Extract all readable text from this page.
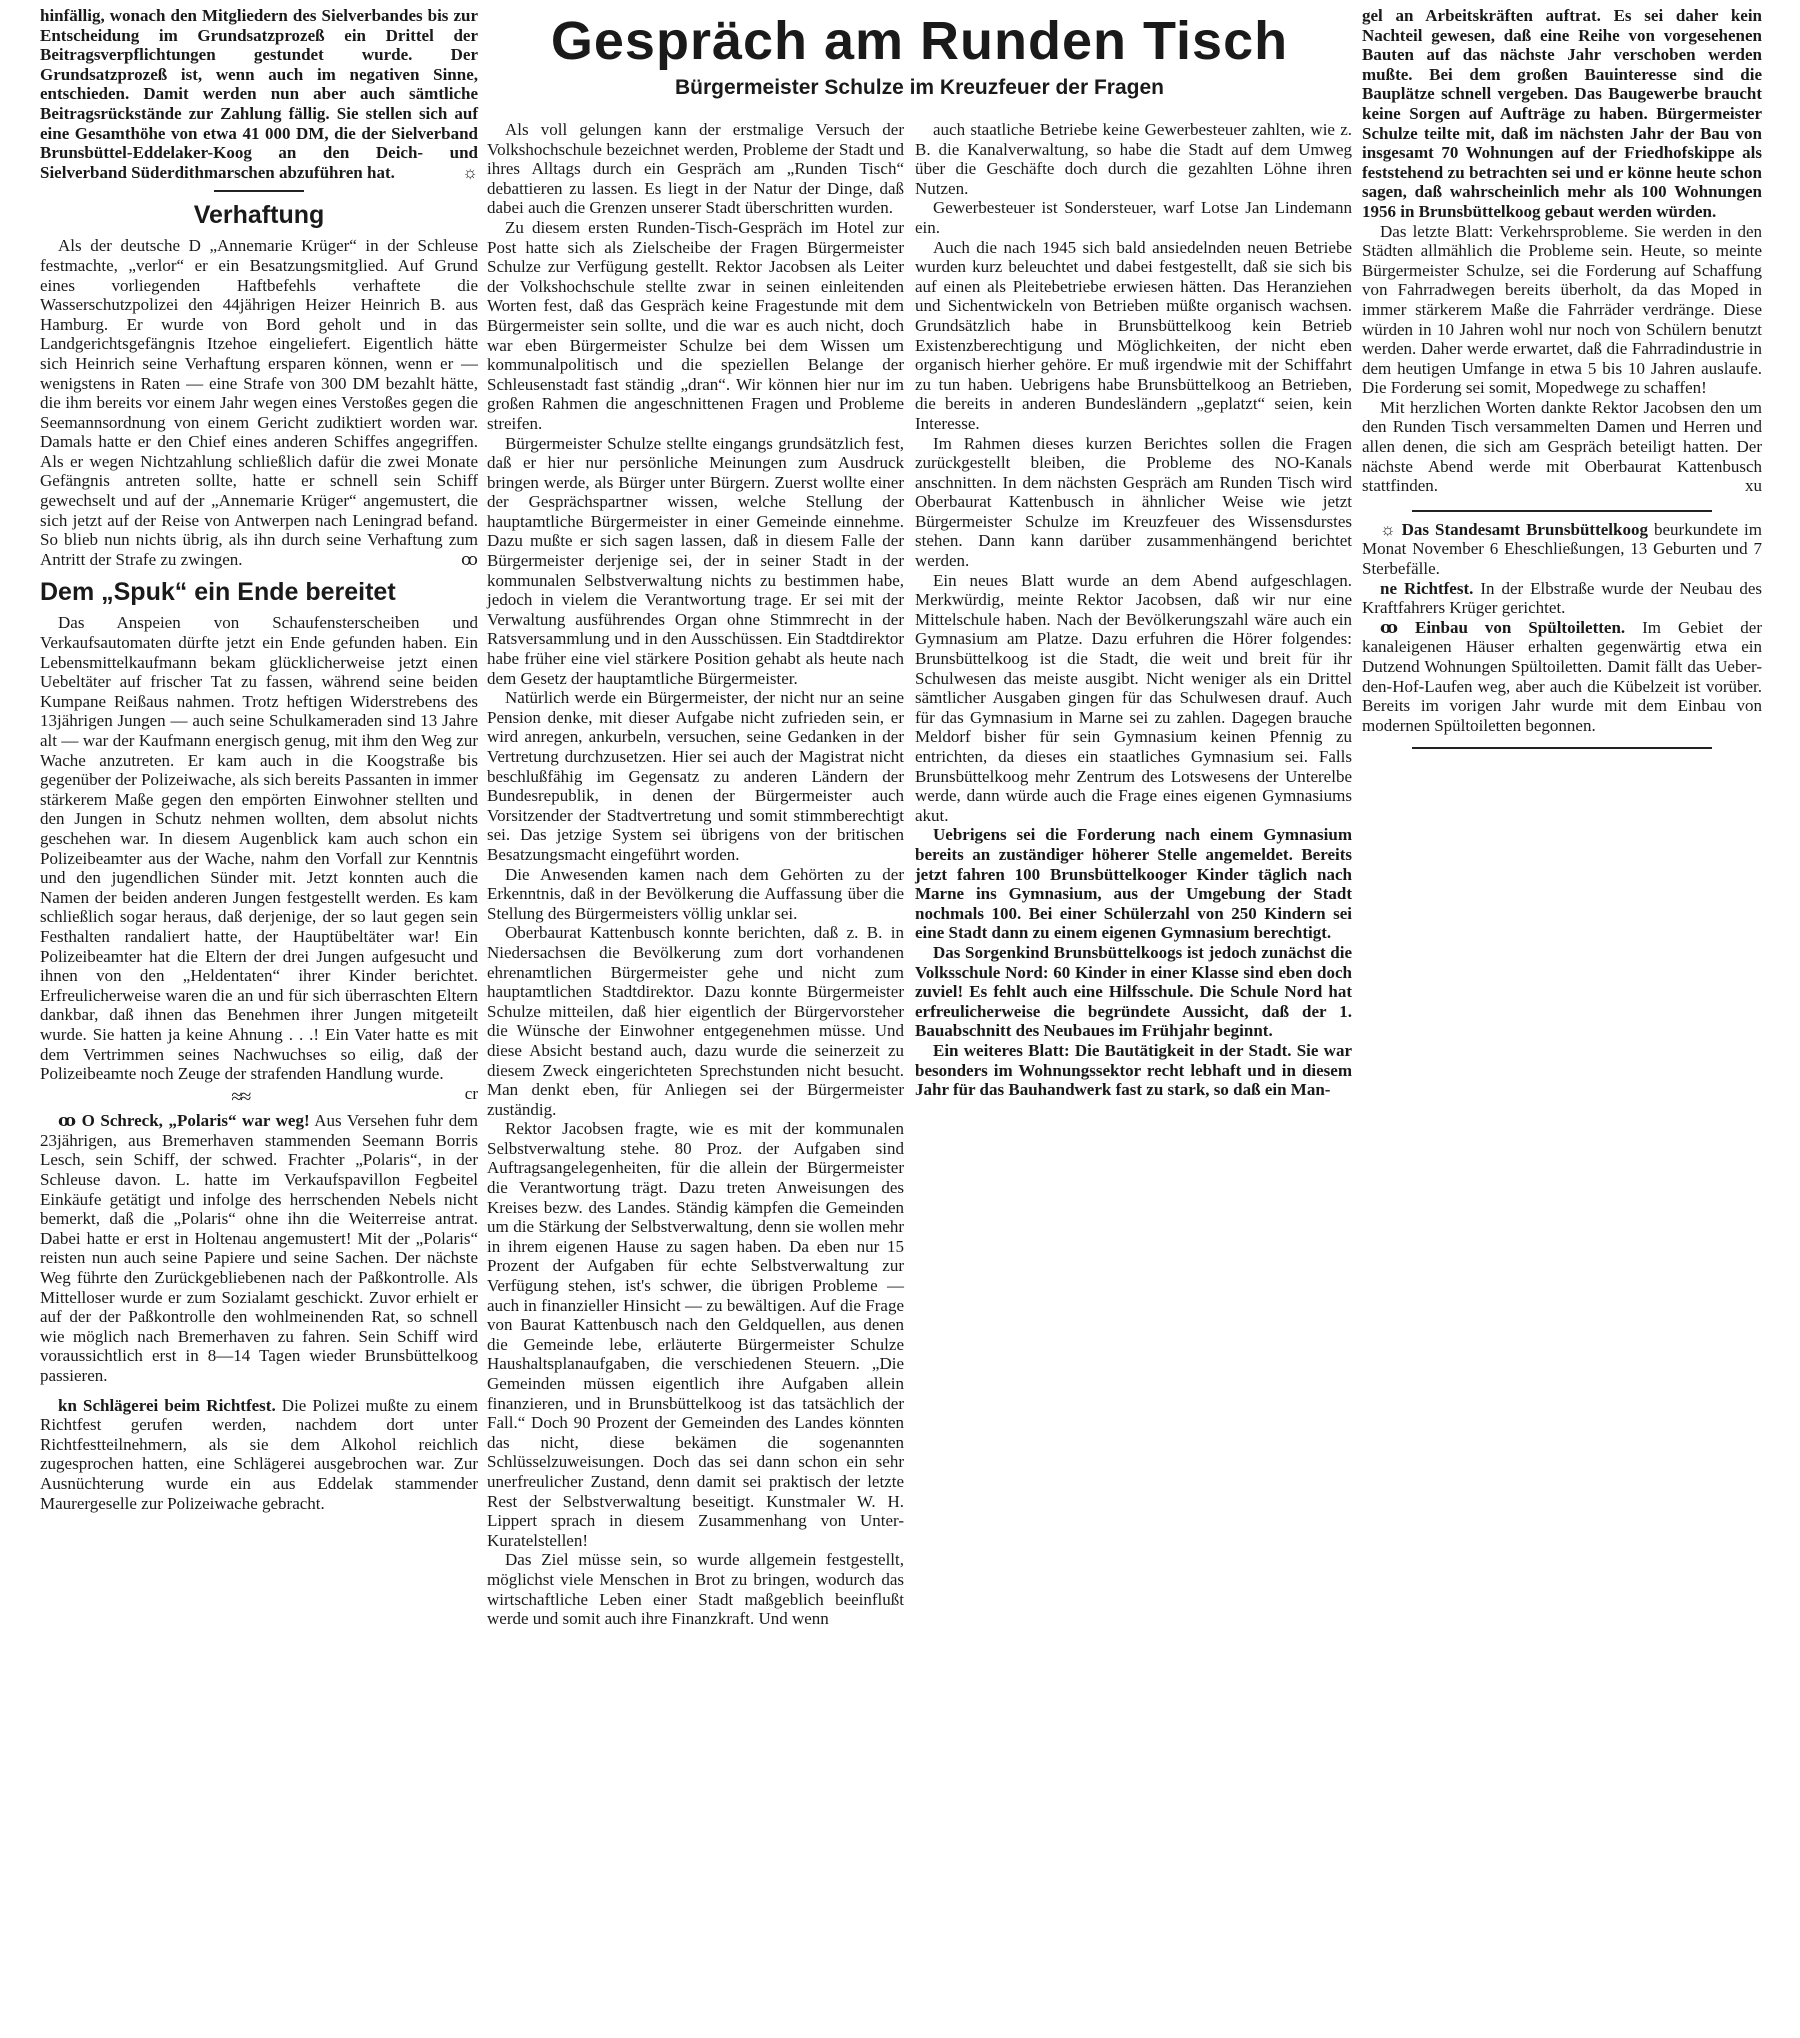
Gespräch am Runden Tisch
Bürgermeister Schulze im Kreuzfeuer der Fragen

hinfällig, wonach den Mitgliedern des Sielverbandes bis zur Entscheidung im Grundsatzprozeß ein Drittel der Beitragsverpflichtungen gestundet wurde. Der Grundsatzprozeß ist, wenn auch im negativen Sinne, entschieden. Damit werden nun aber auch sämtliche Beitragsrückstände zur Zahlung fällig. Sie stellen sich auf eine Gesamthöhe von etwa 41 000 DM, die der Sielverband Brunsbüttel-Eddelaker-Koog an den Deich- und Sielverband Süderdithmarschen abzuführen hat.	☼

Verhaftung

Als der deutsche D „Annemarie Krüger“ in der Schleuse festmachte, „verlor“ er ein Besatzungsmitglied. Auf Grund eines vorliegenden Haftbefehls verhaftete die Wasserschutzpolizei den 44jährigen Heizer Heinrich B. aus Hamburg. Er wurde von Bord geholt und in das Landgerichtsgefängnis Itzehoe eingeliefert. Eigentlich hätte sich Heinrich seine Verhaftung ersparen können, wenn er — wenigstens in Raten — eine Strafe von 300 DM bezahlt hätte, die ihm bereits vor einem Jahr wegen eines Verstoßes gegen die Seemannsordnung von einem Gericht zudiktiert worden war. Damals hatte er den Chief eines anderen Schiffes angegriffen. Als er wegen Nichtzahlung schließlich dafür die zwei Monate Gefängnis antreten sollte, hatte er schnell sein Schiff gewechselt und auf der „Annemarie Krüger“ angemustert, die sich jetzt auf der Reise von Antwerpen nach Leningrad befand. So blieb nun nichts übrig, als ihn durch seine Verhaftung zum Antritt der Strafe zu zwingen.	ꝏ

Dem „Spuk“ ein Ende bereitet

Das Anspeien von Schaufensterscheiben und Verkaufsautomaten dürfte jetzt ein Ende gefunden haben. Ein Lebensmittelkaufmann bekam glücklicherweise jetzt einen Uebeltäter auf frischer Tat zu fassen, während seine beiden Kumpane Reißaus nahmen. Trotz heftigen Widerstrebens des 13jährigen Jungen — auch seine Schulkameraden sind 13 Jahre alt — war der Kaufmann energisch genug, mit ihm den Weg zur Wache anzutreten. Er kam auch in die Koogstraße bis gegenüber der Polizeiwache, als sich bereits Passanten in immer stärkerem Maße gegen den empörten Einwohner stellten und den Jungen in Schutz nehmen wollten, dem absolut nichts geschehen war. In diesem Augenblick kam auch schon ein Polizeibeamter aus der Wache, nahm den Vorfall zur Kenntnis und den jugendlichen Sünder mit. Jetzt konnten auch die Namen der beiden anderen Jungen festgestellt werden. Es kam schließlich sogar heraus, daß derjenige, der so laut gegen sein Festhalten randaliert hatte, der Hauptübeltäter war! Ein Polizeibeamter hat die Eltern der drei Jungen aufgesucht und ihnen von den „Heldentaten“ ihrer Kinder berichtet. Erfreulicherweise waren die an und für sich überraschten Eltern dankbar, daß ihnen das Benehmen ihrer Jungen mitgeteilt wurde. Sie hatten ja keine Ahnung . . .! Ein Vater hatte es mit dem Vertrimmen seines Nachwuchses so eilig, daß der Polizeibeamte noch Zeuge der strafenden Handlung wurde.
cr

≈≈

ꝏ O Schreck, „Polaris“ war weg! Aus Versehen fuhr dem 23jährigen, aus Bremerhaven stammenden Seemann Borris Lesch, sein Schiff, der schwed. Frachter „Polaris“, in der Schleuse davon. L. hatte im Verkaufspavillon Fegbeitel Einkäufe getätigt und infolge des herrschenden Nebels nicht bemerkt, daß die „Polaris“ ohne ihn die Weiterreise antrat. Dabei hatte er erst in Holtenau angemustert! Mit der „Polaris“ reisten nun auch seine Papiere und seine Sachen. Der nächste Weg führte den Zurückgebliebenen nach der Paßkontrolle. Als Mittelloser wurde er zum Sozialamt geschickt. Zuvor erhielt er auf der der Paßkontrolle den wohlmeinenden Rat, so schnell wie möglich nach Bremerhaven zu fahren. Sein Schiff wird voraussichtlich erst in 8—14 Tagen wieder Brunsbüttelkoog passieren.

kn Schlägerei beim Richtfest. Die Polizei mußte zu einem Richtfest gerufen werden, nachdem dort unter Richtfestteilnehmern, als sie dem Alkohol reichlich zugesprochen hatten, eine Schlägerei ausgebrochen war. Zur Ausnüchterung wurde ein aus Eddelak stammender Maurergeselle zur Polizeiwache gebracht.

Als voll gelungen kann der erstmalige Versuch der Volkshochschule bezeichnet werden, Probleme der Stadt und ihres Alltags durch ein Gespräch am „Runden Tisch“ debattieren zu lassen. Es liegt in der Natur der Dinge, daß dabei auch die Grenzen unserer Stadt überschritten wurden.

Zu diesem ersten Runden-Tisch-Gespräch im Hotel zur Post hatte sich als Zielscheibe der Fragen Bürgermeister Schulze zur Verfügung gestellt. Rektor Jacobsen als Leiter der Volkshochschule stellte zwar in seinen einleitenden Worten fest, daß das Gespräch keine Fragestunde mit dem Bürgermeister sein sollte, und die war es auch nicht, doch war eben Bürgermeister Schulze bei dem Wissen um kommunalpolitisch und die speziellen Belange der Schleusenstadt fast ständig „dran“. Wir können hier nur im großen Rahmen die angeschnittenen Fragen und Probleme streifen.

Bürgermeister Schulze stellte eingangs grundsätzlich fest, daß er hier nur persönliche Meinungen zum Ausdruck bringen werde, als Bürger unter Bürgern. Zuerst wollte einer der Gesprächspartner wissen, welche Stellung der hauptamtliche Bürgermeister in einer Gemeinde einnehme. Dazu mußte er sich sagen lassen, daß in diesem Falle der Bürgermeister derjenige sei, der in seiner Stadt in der kommunalen Selbstverwaltung nichts zu bestimmen habe, jedoch in vielem die Verantwortung trage. Er sei mit der Verwaltung ausführendes Organ ohne Stimmrecht in der Ratsversammlung und in den Ausschüssen. Ein Stadtdirektor habe früher eine viel stärkere Position gehabt als heute nach dem Gesetz der hauptamtliche Bürgermeister.

Natürlich werde ein Bürgermeister, der nicht nur an seine Pension denke, mit dieser Aufgabe nicht zufrieden sein, er wird anregen, ankurbeln, versuchen, seine Gedanken in der Vertretung durchzusetzen. Hier sei auch der Magistrat nicht beschlußfähig im Gegensatz zu anderen Ländern der Bundesrepublik, in denen der Bürgermeister auch Vorsitzender der Stadtvertretung und somit stimmberechtigt sei. Das jetzige System sei übrigens von der britischen Besatzungsmacht eingeführt worden.

Die Anwesenden kamen nach dem Gehörten zu der Erkenntnis, daß in der Bevölkerung die Auffassung über die Stellung des Bürgermeisters völlig unklar sei.

Oberbaurat Kattenbusch konnte berichten, daß z. B. in Niedersachsen die Bevölkerung zum dort vorhandenen ehrenamtlichen Bürgermeister gehe und nicht zum hauptamtlichen Stadtdirektor. Dazu konnte Bürgermeister Schulze mitteilen, daß hier eigentlich der Bürgervorsteher die Wünsche der Einwohner entgegenehmen müsse. Und diese Absicht bestand auch, dazu wurde die seinerzeit zu diesem Zweck eingerichteten Sprechstunden nicht besucht. Man denkt eben, für Anliegen sei der Bürgermeister zuständig.

Rektor Jacobsen fragte, wie es mit der kommunalen Selbstverwaltung stehe. 80 Proz. der Aufgaben sind Auftragsangelegenheiten, für die allein der Bürgermeister die Verantwortung trägt. Dazu treten Anweisungen des Kreises bezw. des Landes. Ständig kämpfen die Gemeinden um die Stärkung der Selbstverwaltung, denn sie wollen mehr in ihrem eigenen Hause zu sagen haben. Da eben nur 15 Prozent der Aufgaben für echte Selbstverwaltung zur Verfügung stehen, ist's schwer, die übrigen Probleme — auch in finanzieller Hinsicht — zu bewältigen. Auf die Frage von Baurat Kattenbusch nach den Geldquellen, aus denen die Gemeinde lebe, erläuterte Bürgermeister Schulze Haushaltsplanaufgaben, die verschiedenen Steuern. „Die Gemeinden müssen eigentlich ihre Aufgaben allein finanzieren, und in Brunsbüttelkoog ist das tatsächlich der Fall.“ Doch 90 Prozent der Gemeinden des Landes könnten das nicht, diese bekämen die sogenannten Schlüsselzuweisungen. Doch das sei dann schon ein sehr unerfreulicher Zustand, denn damit sei praktisch der letzte Rest der Selbstverwaltung beseitigt. Kunstmaler W. H. Lippert sprach in diesem Zusammenhang von Unter-Kuratelstellen!

Das Ziel müsse sein, so wurde allgemein festgestellt, möglichst viele Menschen in Brot zu bringen, wodurch das wirtschaftliche Leben einer Stadt maßgeblich beeinflußt werde und somit auch ihre Finanzkraft. Und wenn

auch staatliche Betriebe keine Gewerbesteuer zahlten, wie z. B. die Kanalverwaltung, so habe die Stadt auf dem Umweg über die Geschäfte doch durch die gezahlten Löhne ihren Nutzen.

Gewerbesteuer ist Sondersteuer, warf Lotse Jan Lindemann ein.

Auch die nach 1945 sich bald ansiedelnden neuen Betriebe wurden kurz beleuchtet und dabei festgestellt, daß sie sich bis auf einen als Pleitebetriebe erwiesen hätten. Das Heranziehen und Sichentwickeln von Betrieben müßte organisch wachsen. Grundsätzlich habe in Brunsbüttelkoog kein Betrieb Existenzberechtigung und Möglichkeiten, der nicht eben organisch hierher gehöre. Er muß irgendwie mit der Schiffahrt zu tun haben. Uebrigens habe Brunsbüttelkoog an Betrieben, die bereits in anderen Bundesländern „geplatzt“ seien, kein Interesse.

Im Rahmen dieses kurzen Berichtes sollen die Fragen zurückgestellt bleiben, die Probleme des NO-Kanals anschnitten. In dem nächsten Gespräch am Runden Tisch wird Oberbaurat Kattenbusch in ähnlicher Weise wie jetzt Bürgermeister Schulze im Kreuzfeuer des Wissensdurstes stehen. Dann kann darüber zusammenhängend berichtet werden.

Ein neues Blatt wurde an dem Abend aufgeschlagen. Merkwürdig, meinte Rektor Jacobsen, daß wir nur eine Mittelschule haben. Nach der Bevölkerungszahl wäre auch ein Gymnasium am Platze. Dazu erfuhren die Hörer folgendes: Brunsbüttelkoog ist die Stadt, die weit und breit für ihr Schulwesen das meiste ausgibt. Nicht weniger als ein Drittel sämtlicher Ausgaben gingen für das Schulwesen drauf. Auch für das Gymnasium in Marne sei zu zahlen. Dagegen brauche Meldorf bisher für sein Gymnasium keinen Pfennig zu entrichten, da dieses ein staatliches Gymnasium sei. Falls Brunsbüttelkoog mehr Zentrum des Lotswesens der Unterelbe werde, dann würde auch die Frage eines eigenen Gymnasiums akut.

Uebrigens sei die Forderung nach einem Gymnasium bereits an zuständiger höherer Stelle angemeldet. Bereits jetzt fahren 100 Brunsbüttelkooger Kinder täglich nach Marne ins Gymnasium, aus der Umgebung der Stadt nochmals 100. Bei einer Schülerzahl von 250 Kindern sei eine Stadt dann zu einem eigenen Gymnasium berechtigt.

Das Sorgenkind Brunsbüttelkoogs ist jedoch zunächst die Volksschule Nord: 60 Kinder in einer Klasse sind eben doch zuviel! Es fehlt auch eine Hilfsschule. Die Schule Nord hat erfreulicherweise die begründete Aussicht, daß der 1. Bauabschnitt des Neubaues im Frühjahr beginnt.

Ein weiteres Blatt: Die Bautätigkeit in der Stadt. Sie war besonders im Wohnungssektor recht lebhaft und in diesem Jahr für das Bauhandwerk fast zu stark, so daß ein Man-

gel an Arbeitskräften auftrat. Es sei daher kein Nachteil gewesen, daß eine Reihe von vorgesehenen Bauten auf das nächste Jahr verschoben werden mußte. Bei dem großen Bauinteresse sind die Bauplätze schnell vergeben. Das Baugewerbe braucht keine Sorgen auf Aufträge zu haben. Bürgermeister Schulze teilte mit, daß im nächsten Jahr der Bau von insgesamt 70 Wohnungen auf der Friedhofskippe als feststehend zu betrachten sei und er könne heute schon sagen, daß wahrscheinlich mehr als 100 Wohnungen 1956 in Brunsbüttelkoog gebaut werden würden.

Das letzte Blatt: Verkehrsprobleme. Sie werden in den Städten allmählich die Probleme sein. Heute, so meinte Bürgermeister Schulze, sei die Forderung auf Schaffung von Fahrradwegen bereits überholt, da das Moped in immer stärkerem Maße die Fahrräder verdränge. Diese würden in 10 Jahren wohl nur noch von Schülern benutzt werden. Daher werde erwartet, daß die Fahrradindustrie in dem heutigen Umfange in etwa 5 bis 10 Jahren auslaufe. Die Forderung sei somit, Mopedwege zu schaffen!

Mit herzlichen Worten dankte Rektor Jacobsen den um den Runden Tisch versammelten Damen und Herren und allen denen, die sich am Gespräch beteiligt hatten. Der nächste Abend werde mit Oberbaurat Kattenbusch stattfinden.	xu

☼ Das Standesamt Brunsbüttelkoog beurkundete im Monat November 6 Eheschließungen, 13 Geburten und 7 Sterbefälle.

ne Richtfest. In der Elbstraße wurde der Neubau des Kraftfahrers Krüger gerichtet.

ꝏ Einbau von Spültoiletten. Im Gebiet der kanaleigenen Häuser erhalten gegenwärtig etwa ein Dutzend Wohnungen Spültoiletten. Damit fällt das Ueber-den-Hof-Laufen weg, aber auch die Kübelzeit ist vorüber. Bereits im vorigen Jahr wurde mit dem Einbau von modernen Spültoiletten begonnen.
